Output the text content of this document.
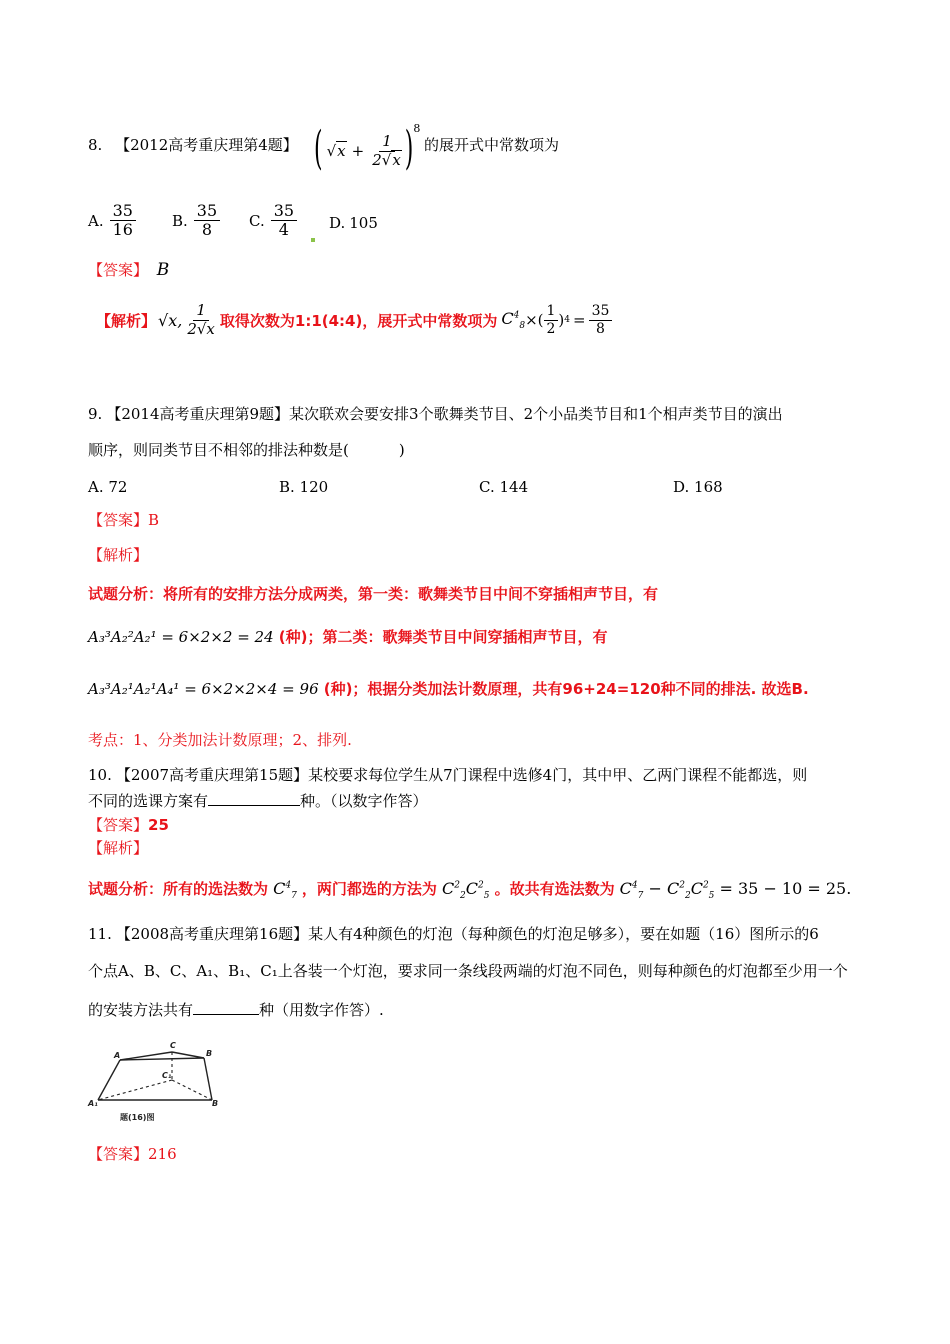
8. 【2012高考重庆理第4题】 ( $√x + \frac{1}{2√x}$ ) 8
的展开式中常数项为
A. $\frac{35}{16} B$. $\frac{35}{8} C$. $\frac{35}{4} D$. 105
【答案】 B
【解析】 √x, $\frac{1}{2√x}$ 取得次数为1:1(4:4)，展开式中常数项为 $C^4_8$ ×( $\frac{1}{2}$ ) $4 = \frac{35}{8}$
9. 【2014高考重庆理第9题】某次联欢会要安排3个歌舞类节目、2个小品类节目和1个相声类节目的演出
顺序，则同类节目不相邻的排法种数是(	)
A. 72	B. 120	C. 144	D. 168
【答案】B
【解析】
试题分析：将所有的安排方法分成两类，第一类：歌舞类节目中间不穿插相声节目，有
A₃³A₂²A₂¹ = 6×2×2 = 24 (种)；第二类：歌舞类节目中间穿插相声节目，有
A₃³A₂¹A₂¹A₄¹ = 6×2×2×4 = 96 (种)；根据分类加法计数原理，共有96+24=120种不同的排法. 故选B.
考点：1、分类加法计数原理；2、排列.
10. 【2007高考重庆理第15题】某校要求每位学生从7门课程中选修4门，其中甲、乙两门课程不能都选，则
不同的选课方案有	种。（以数字作答）
【答案】25
【解析】
试题分析：所有的选法数为 $C^4_7$ ，两门都选的方法为 $C^2_2C^2_5$ 。故共有选法数为 $C^4_7 - C^2_2C^2_5 = 35 - 10 = 25$.
11. 【2008高考重庆理第16题】某人有4种颜色的灯泡（每种颜色的灯泡足够多），要在如题（16）图所示的6
个点A、B、C、A₁、B₁、C₁上各装一个灯泡，要求同一条线段两端的灯泡不同色，则每种颜色的灯泡都至少用一个
的安装方法共有	种（用数字作答）.
A	B
C
C₁
A₁	B
题(16)图
【答案】216
